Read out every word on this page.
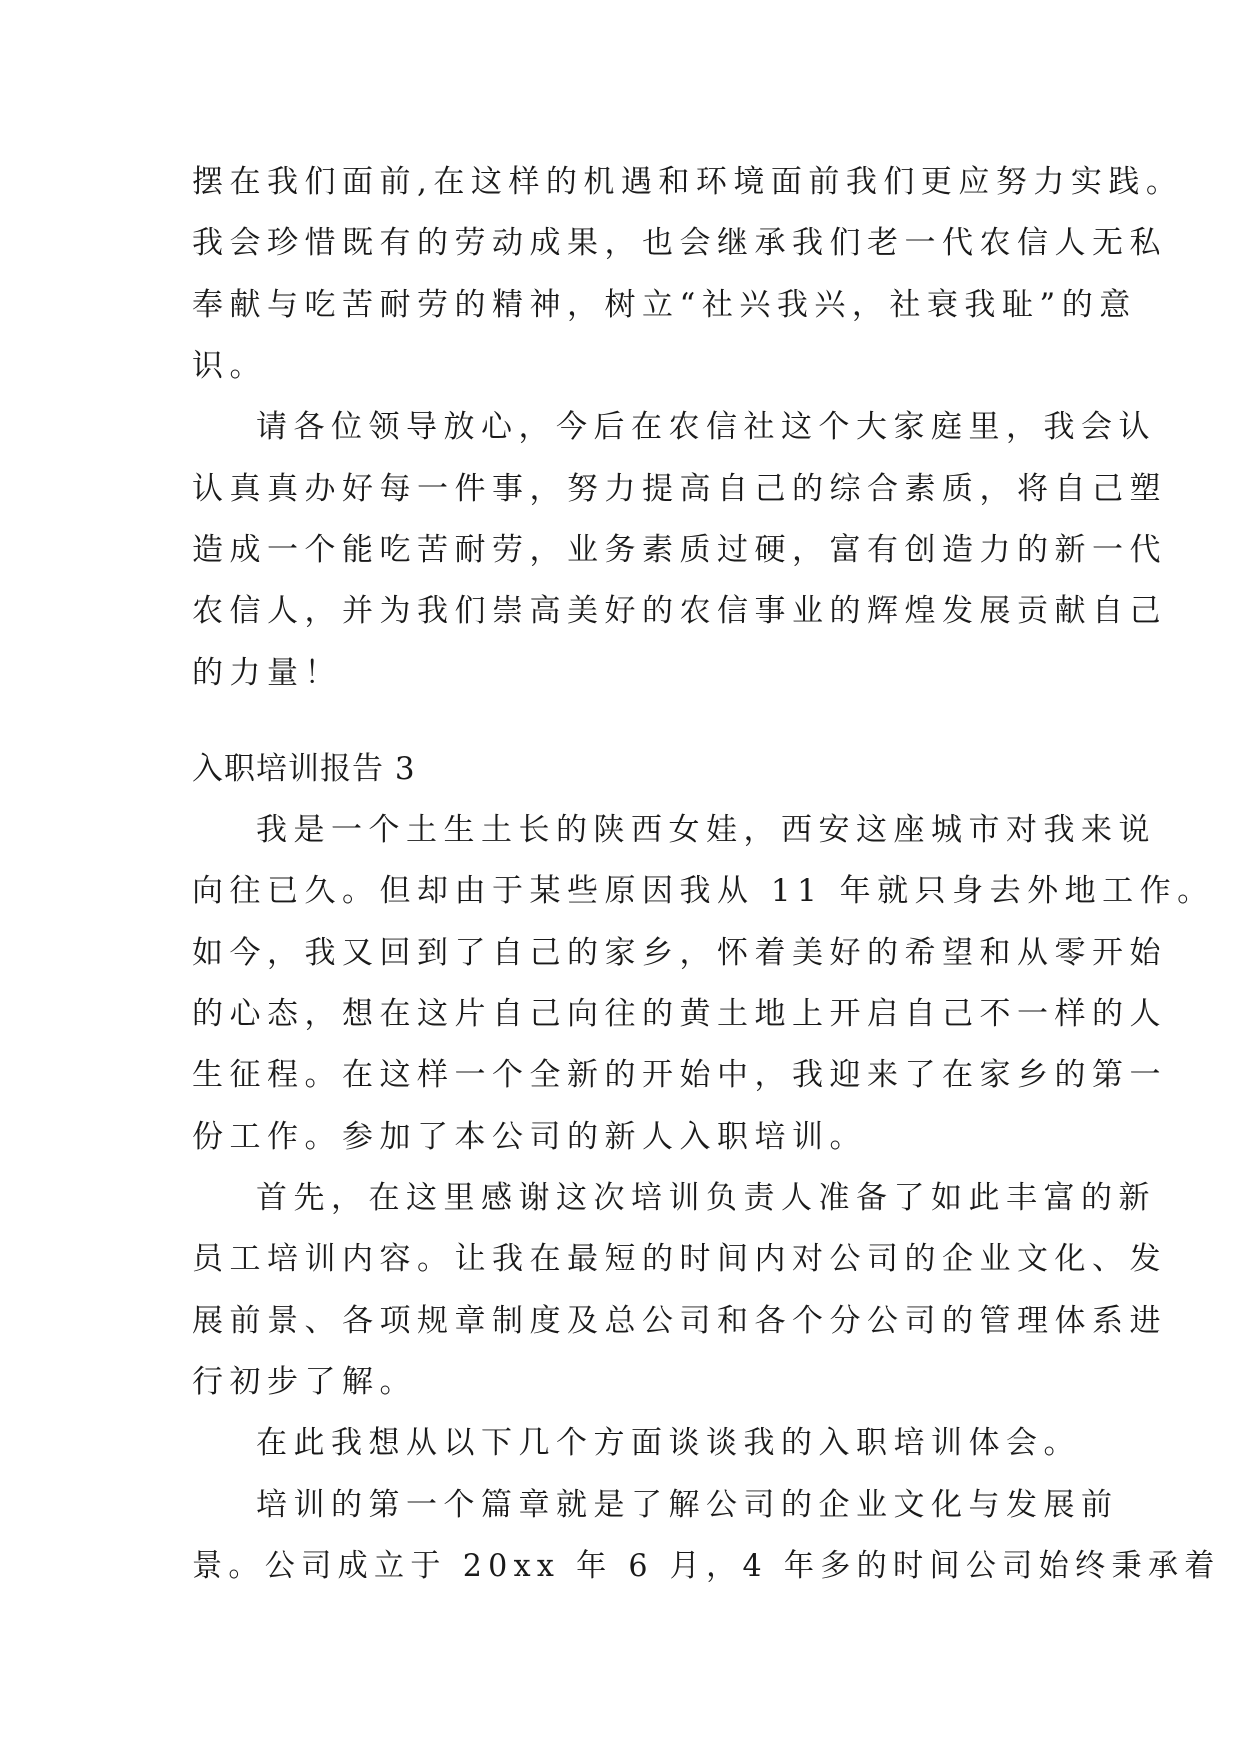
摆在我们面前,在这样的机遇和环境面前我们更应努力实践。
我会珍惜既有的劳动成果，也会继承我们老一代农信人无私
奉献与吃苦耐劳的精神，树立“社兴我兴，社衰我耻”的意
识。
请各位领导放心，今后在农信社这个大家庭里，我会认
认真真办好每一件事，努力提高自己的综合素质，将自己塑
造成一个能吃苦耐劳，业务素质过硬，富有创造力的新一代
农信人，并为我们崇高美好的农信事业的辉煌发展贡献自己
的力量！
入职培训报告 3
我是一个土生土长的陕西女娃，西安这座城市对我来说
向往已久。但却由于某些原因我从 11 年就只身去外地工作。
如今，我又回到了自己的家乡，怀着美好的希望和从零开始
的心态，想在这片自己向往的黄土地上开启自己不一样的人
生征程。在这样一个全新的开始中，我迎来了在家乡的第一
份工作。参加了本公司的新人入职培训。
首先，在这里感谢这次培训负责人准备了如此丰富的新
员工培训内容。让我在最短的时间内对公司的企业文化、发
展前景、各项规章制度及总公司和各个分公司的管理体系进
行初步了解。
在此我想从以下几个方面谈谈我的入职培训体会。
培训的第一个篇章就是了解公司的企业文化与发展前
景。公司成立于 20xx 年 6 月，4 年多的时间公司始终秉承着
